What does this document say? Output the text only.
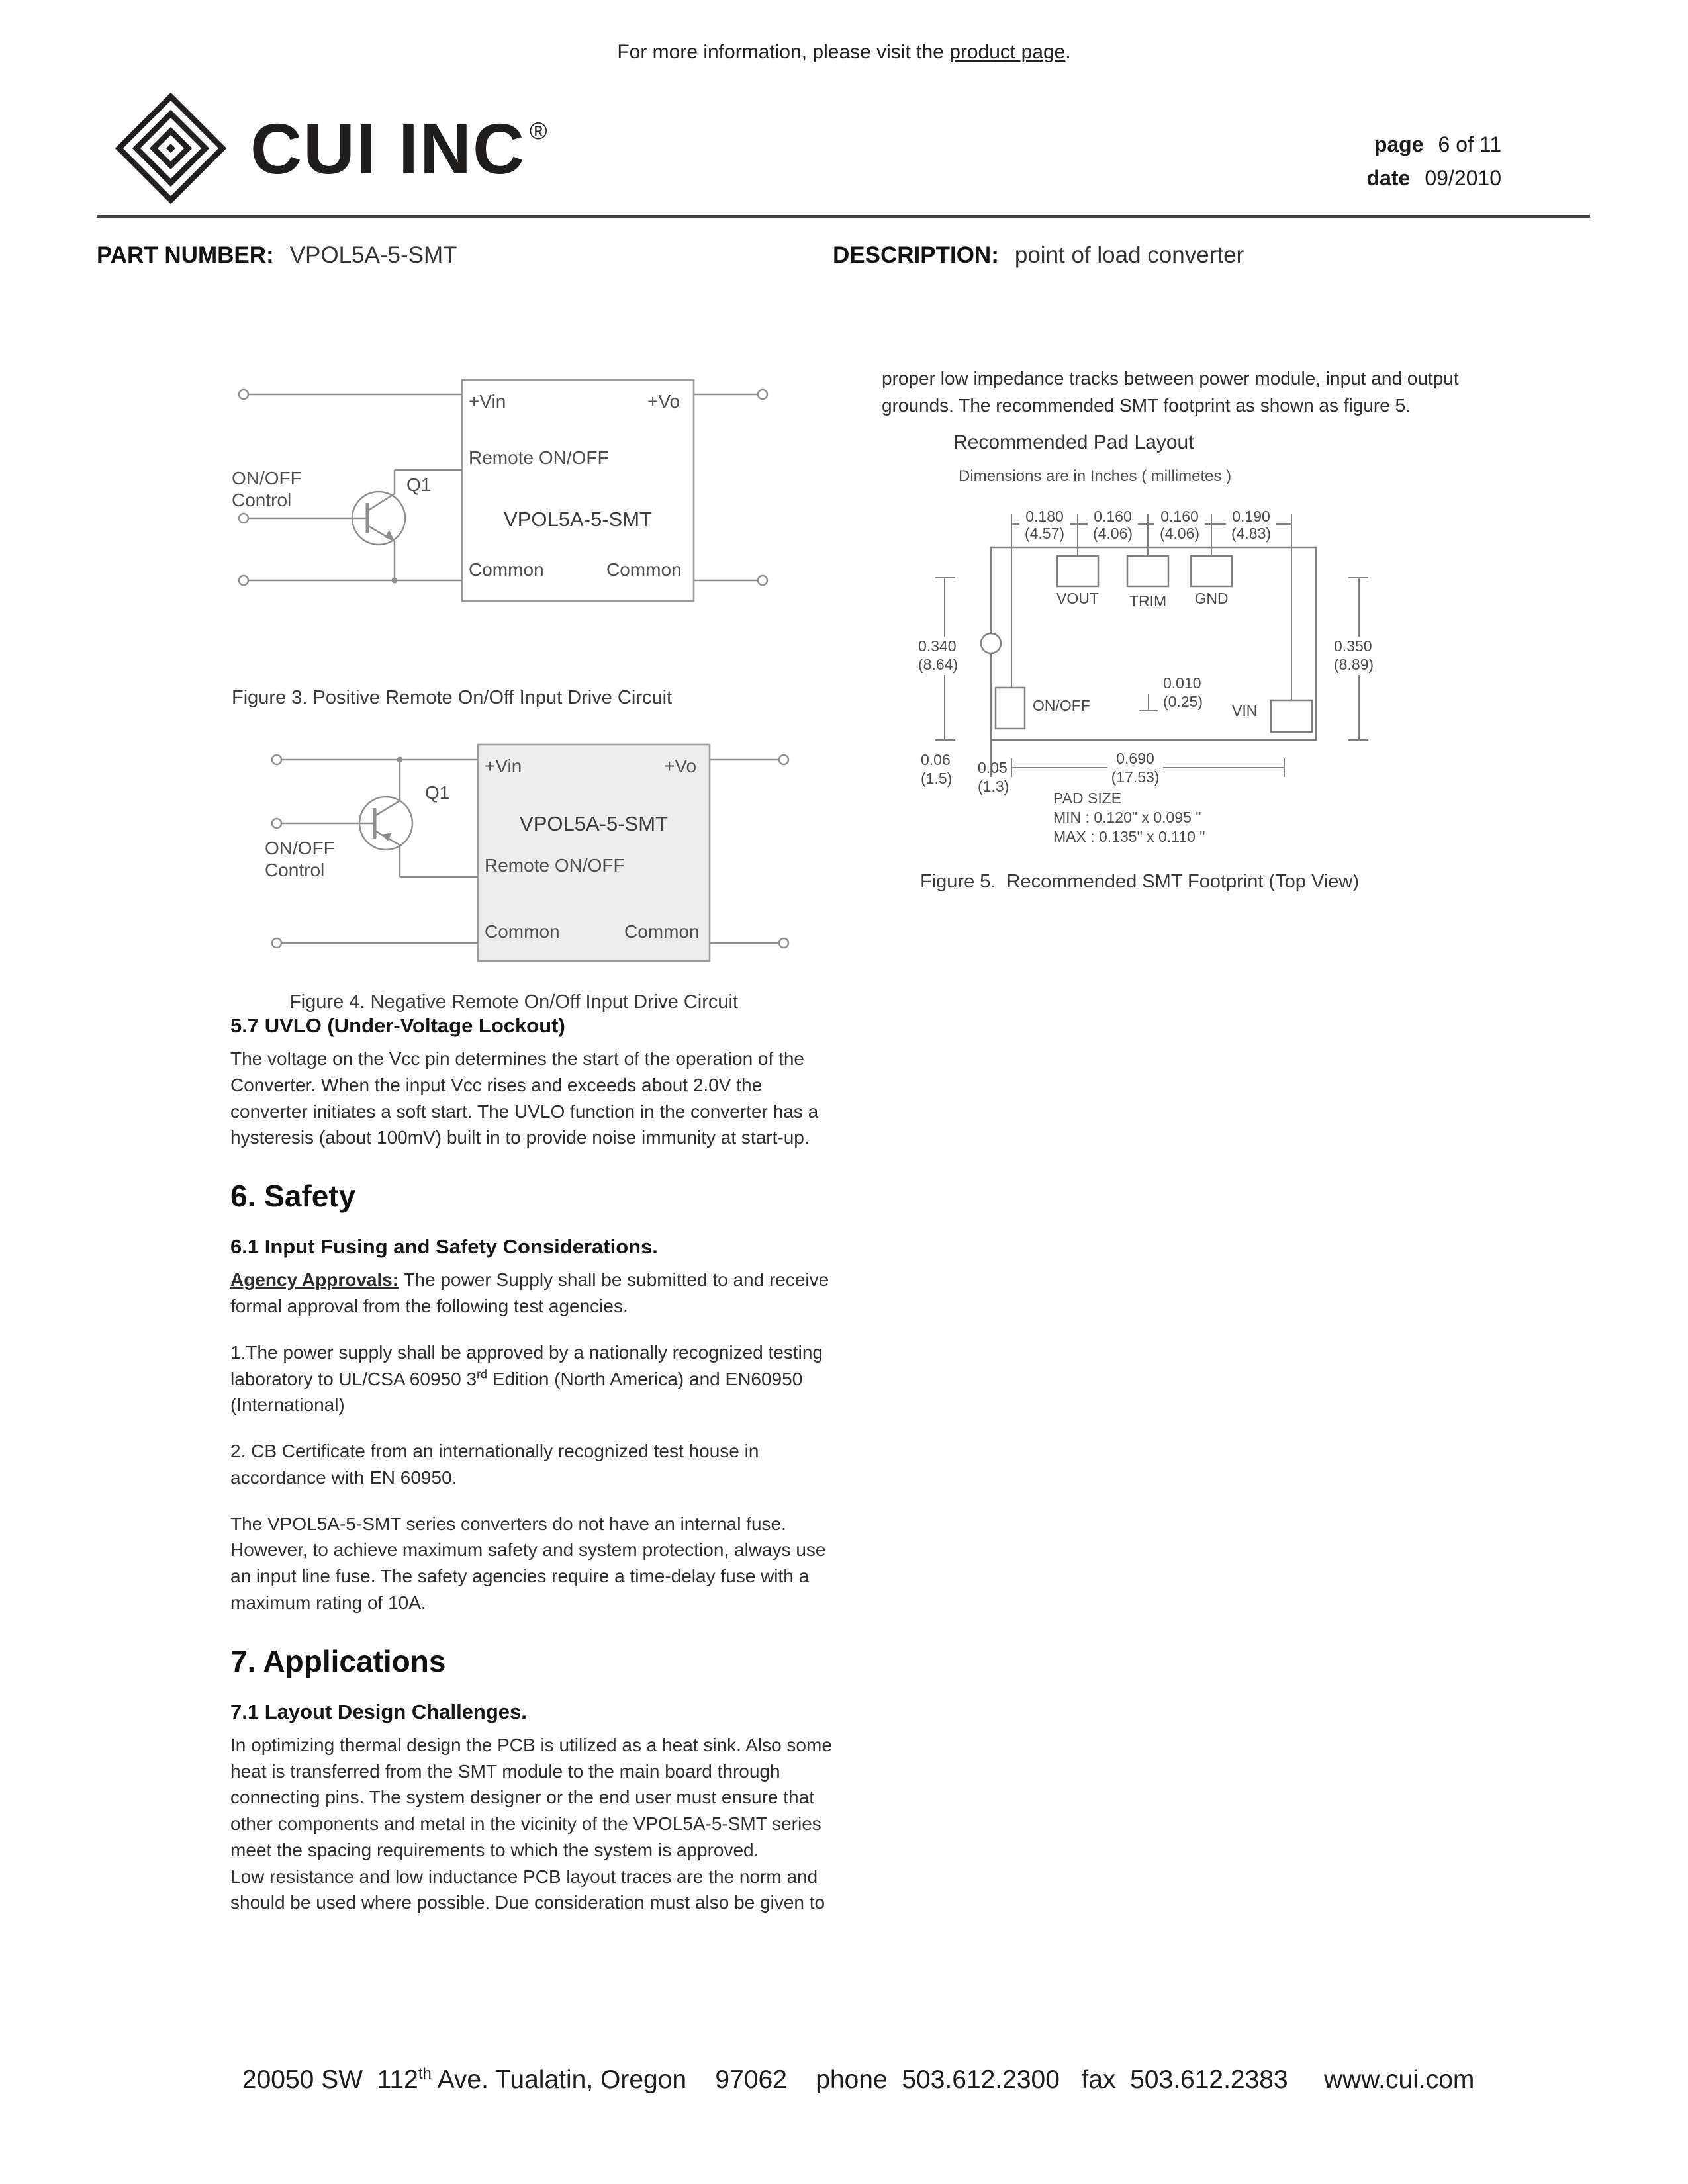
For more information, please visit the product page.
CUI INC ®
page 6 of 11
date 09/2010
PART NUMBER: VPOL5A-5-SMT	DESCRIPTION: point of load converter
+Vin	+Vo
Remote ON/OFF
VPOL5A-5-SMT
Common	Common
Q1
ON/OFF
Control
Figure 3. Positive Remote On/Off Input Drive Circuit
+Vin	+Vo
VPOL5A-5-SMT
Remote ON/OFF
Common	Common
Q1
ON/OFF
Control
Figure 4. Negative Remote On/Off Input Drive Circuit
5.7 UVLO (Under-Voltage Lockout)

The voltage on the Vcc pin determines the start of the operation of the Converter. When the input Vcc rises and exceeds about 2.0V the converter initiates a soft start. The UVLO function in the converter has a hysteresis (about 100mV) built in to provide noise immunity at start-up.

6. Safety
6.1 Input Fusing and Safety Considerations.

Agency Approvals: The power Supply shall be submitted to and receive formal approval from the following test agencies.

1.The power supply shall be approved by a nationally recognized testing laboratory to UL/CSA 60950 3rd Edition (North America) and EN60950 (International)

2. CB Certificate from an internationally recognized test house in accordance with EN 60950.

The VPOL5A-5-SMT series converters do not have an internal fuse. However, to achieve maximum safety and system protection, always use an input line fuse. The safety agencies require a time-delay fuse with a maximum rating of 10A.

7. Applications
7.1 Layout Design Challenges.

In optimizing thermal design the PCB is utilized as a heat sink. Also some heat is transferred from the SMT module to the main board through connecting pins. The system designer or the end user must ensure that other components and metal in the vicinity of the VPOL5A-5-SMT series meet the spacing requirements to which the system is approved.
Low resistance and low inductance PCB layout traces are the norm and should be used where possible. Due consideration must also be given to

proper low impedance tracks between power module, input and output grounds. The recommended SMT footprint as shown as figure 5.

Recommended Pad Layout
Dimensions are in Inches ( millimetes )
0.180
(4.57)
0.160
(4.06)
0.160
(4.06)
0.190
(4.83)
VOUT TRIM GND
0.340
(8.64)
0.350
(8.89)
ON/OFF
0.010
(0.25)
VIN
0.06
(1.5)
0.05
(1.3)
0.690
(17.53)
PAD SIZE
MIN : 0.120" x 0.095 "
MAX : 0.135" x 0.110 "
Figure 5.  Recommended SMT Footprint (Top View)

20050 SW  112th Ave. Tualatin, Oregon    97062    phone  503.612.2300   fax  503.612.2383     www.cui.com
